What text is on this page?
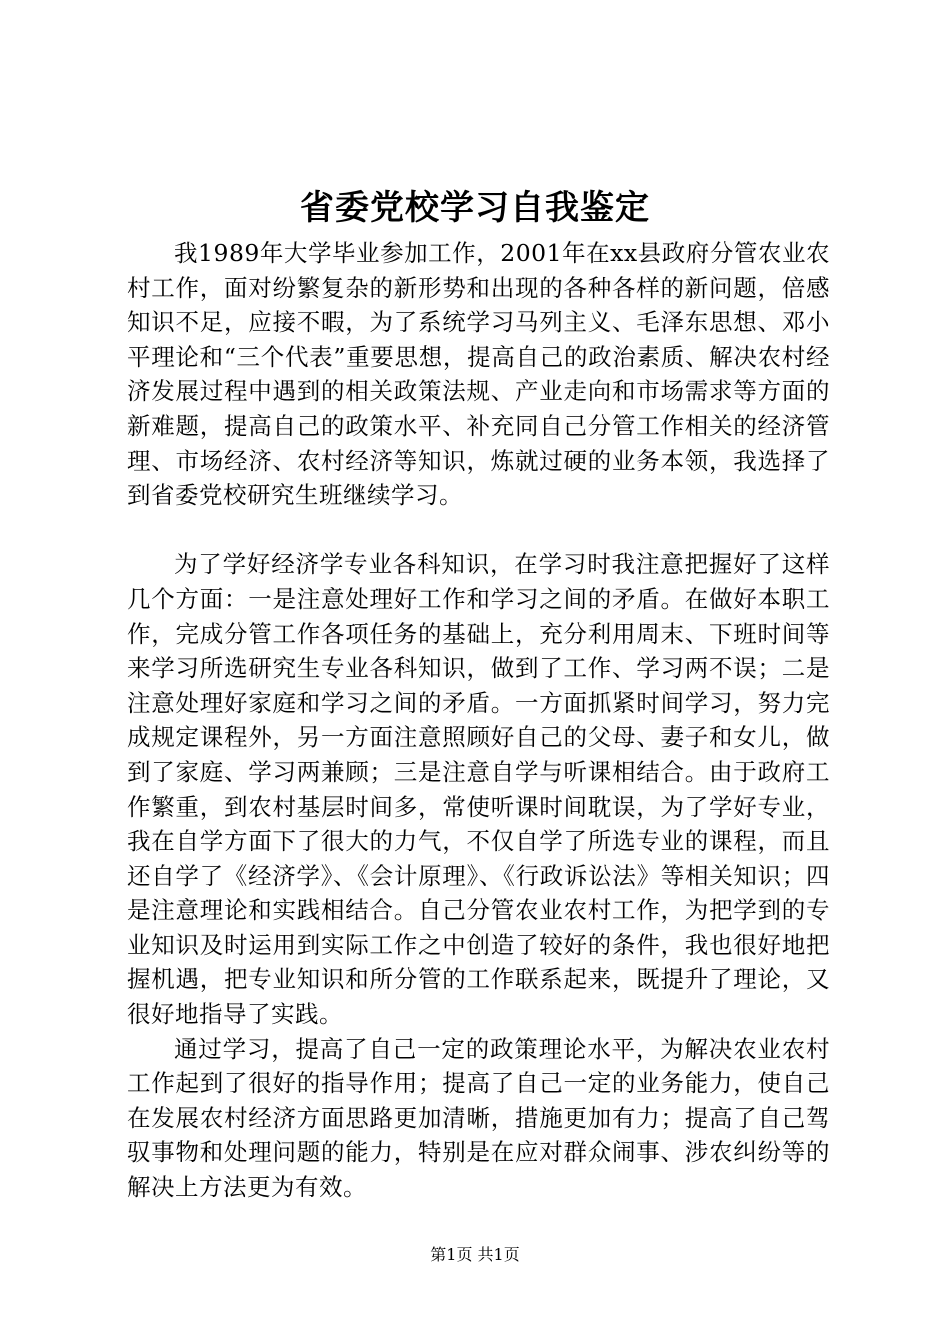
省委党校学习自我鉴定

我1989年大学毕业参加工作，2001年在xx县政府分管农业农村工作，面对纷繁复杂的新形势和出现的各种各样的新问题，倍感知识不足，应接不暇，为了系统学习马列主义、毛泽东思想、邓小平理论和“三个代表”重要思想，提高自己的政治素质、解决农村经济发展过程中遇到的相关政策法规、产业走向和市场需求等方面的新难题，提高自己的政策水平、补充同自己分管工作相关的经济管理、市场经济、农村经济等知识，炼就过硬的业务本领，我选择了到省委党校研究生班继续学习。

为了学好经济学专业各科知识，在学习时我注意把握好了这样几个方面：一是注意处理好工作和学习之间的矛盾。在做好本职工作，完成分管工作各项任务的基础上，充分利用周末、下班时间等来学习所选研究生专业各科知识，做到了工作、学习两不误；二是注意处理好家庭和学习之间的矛盾。一方面抓紧时间学习，努力完成规定课程外，另一方面注意照顾好自己的父母、妻子和女儿，做到了家庭、学习两兼顾；三是注意自学与听课相结合。由于政府工作繁重，到农村基层时间多，常使听课时间耽误，为了学好专业，我在自学方面下了很大的力气，不仅自学了所选专业的课程，而且还自学了《经济学》、《会计原理》、《行政诉讼法》等相关知识；四是注意理论和实践相结合。自己分管农业农村工作，为把学到的专业知识及时运用到实际工作之中创造了较好的条件，我也很好地把握机遇，把专业知识和所分管的工作联系起来，既提升了理论，又很好地指导了实践。

通过学习，提高了自己一定的政策理论水平，为解决农业农村工作起到了很好的指导作用；提高了自己一定的业务能力，使自己在发展农村经济方面思路更加清晰，措施更加有力；提高了自己驾驭事物和处理问题的能力，特别是在应对群众闹事、涉农纠纷等的解决上方法更为有效。

第1页 共1页
